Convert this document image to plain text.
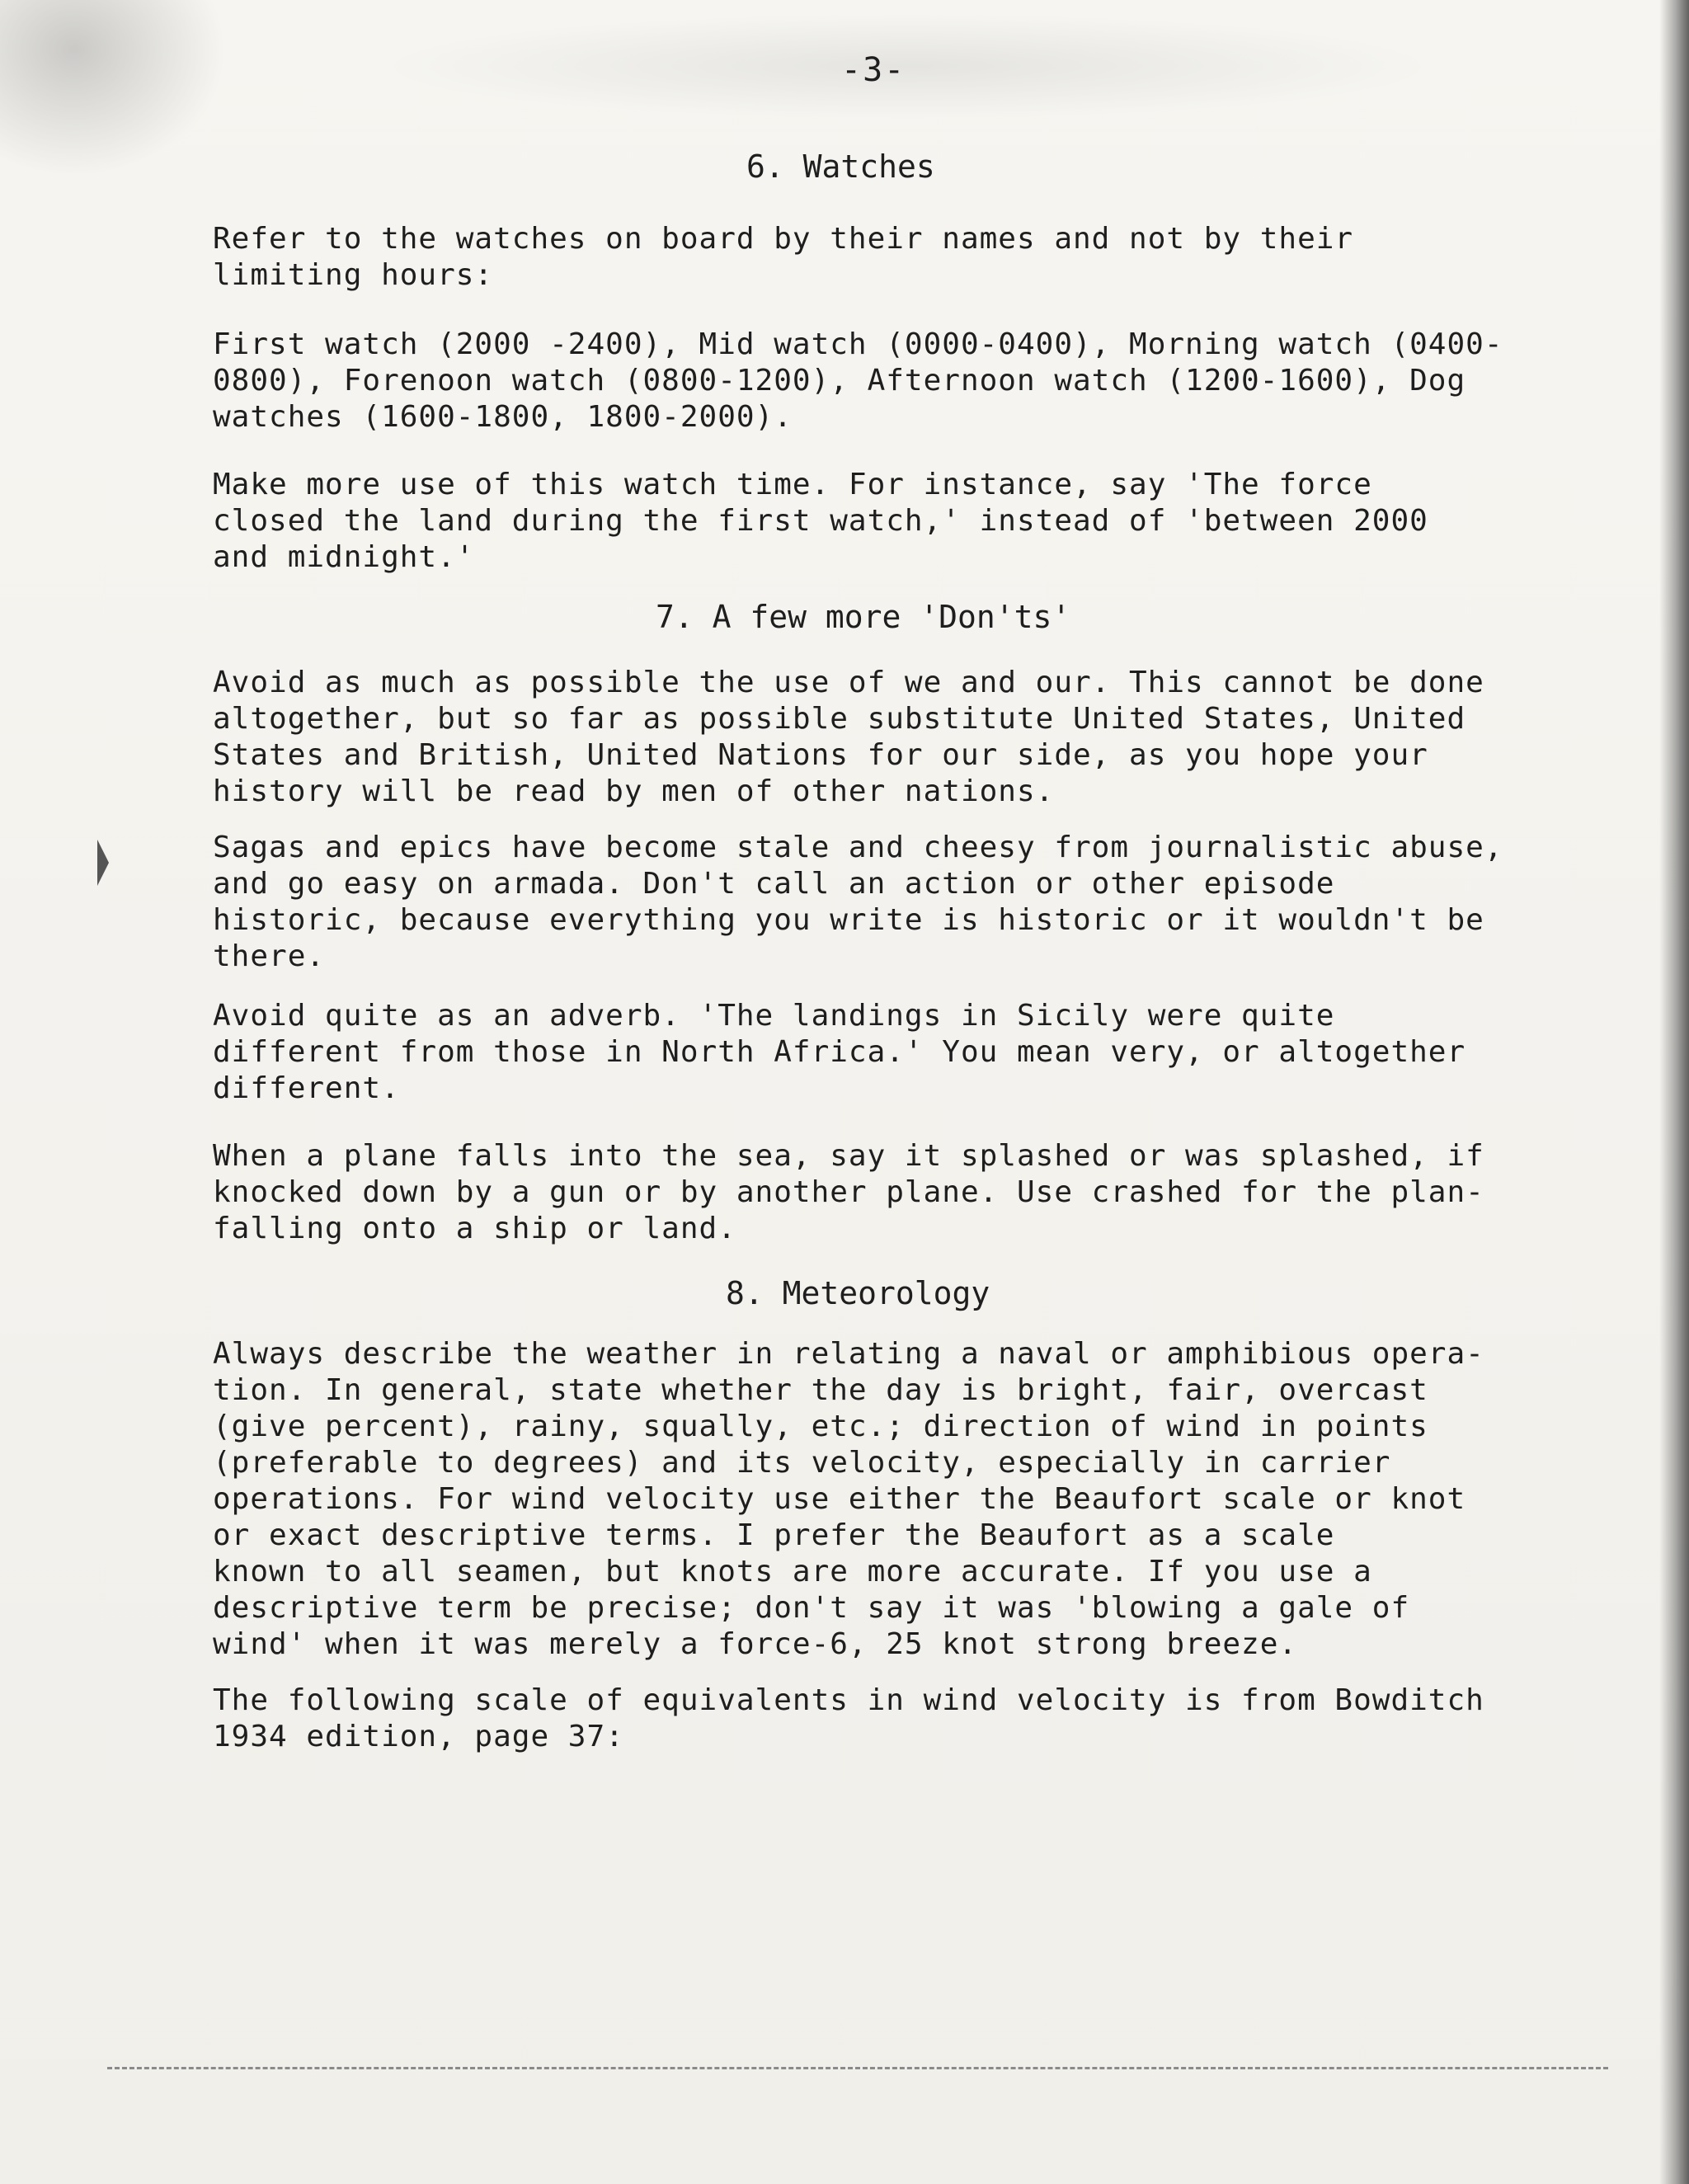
-3-
6. Watches
Refer to the watches on board by their names and not by their
limiting hours:
First watch (2000 -2400), Mid watch (0000-0400), Morning watch (0400-
0800), Forenoon watch (0800-1200), Afternoon watch (1200-1600), Dog
watches (1600-1800, 1800-2000).
Make more use of this watch time. For instance, say 'The force
closed the land during the first watch,' instead of 'between 2000
and midnight.'
7. A few more 'Don'ts'
Avoid as much as possible the use of we and our. This cannot be done
altogether, but so far as possible substitute United States, United
States and British, United Nations for our side, as you hope your
history will be read by men of other nations.
Sagas and epics have become stale and cheesy from journalistic abuse,
and go easy on armada. Don't call an action or other episode
historic, because everything you write is historic or it wouldn't be
there.
Avoid quite as an adverb. 'The landings in Sicily were quite
different from those in North Africa.' You mean very, or altogether
different.
When a plane falls into the sea, say it splashed or was splashed, if
knocked down by a gun or by another plane. Use crashed for the plan-
falling onto a ship or land.
8. Meteorology
Always describe the weather in relating a naval or amphibious opera-
tion. In general, state whether the day is bright, fair, overcast
(give percent), rainy, squally, etc.; direction of wind in points
(preferable to degrees) and its velocity, especially in carrier
operations. For wind velocity use either the Beaufort scale or knot
or exact descriptive terms. I prefer the Beaufort as a scale
known to all seamen, but knots are more accurate. If you use a
descriptive term be precise; don't say it was 'blowing a gale of
wind' when it was merely a force-6, 25 knot strong breeze.
The following scale of equivalents in wind velocity is from Bowditch
1934 edition, page 37:
